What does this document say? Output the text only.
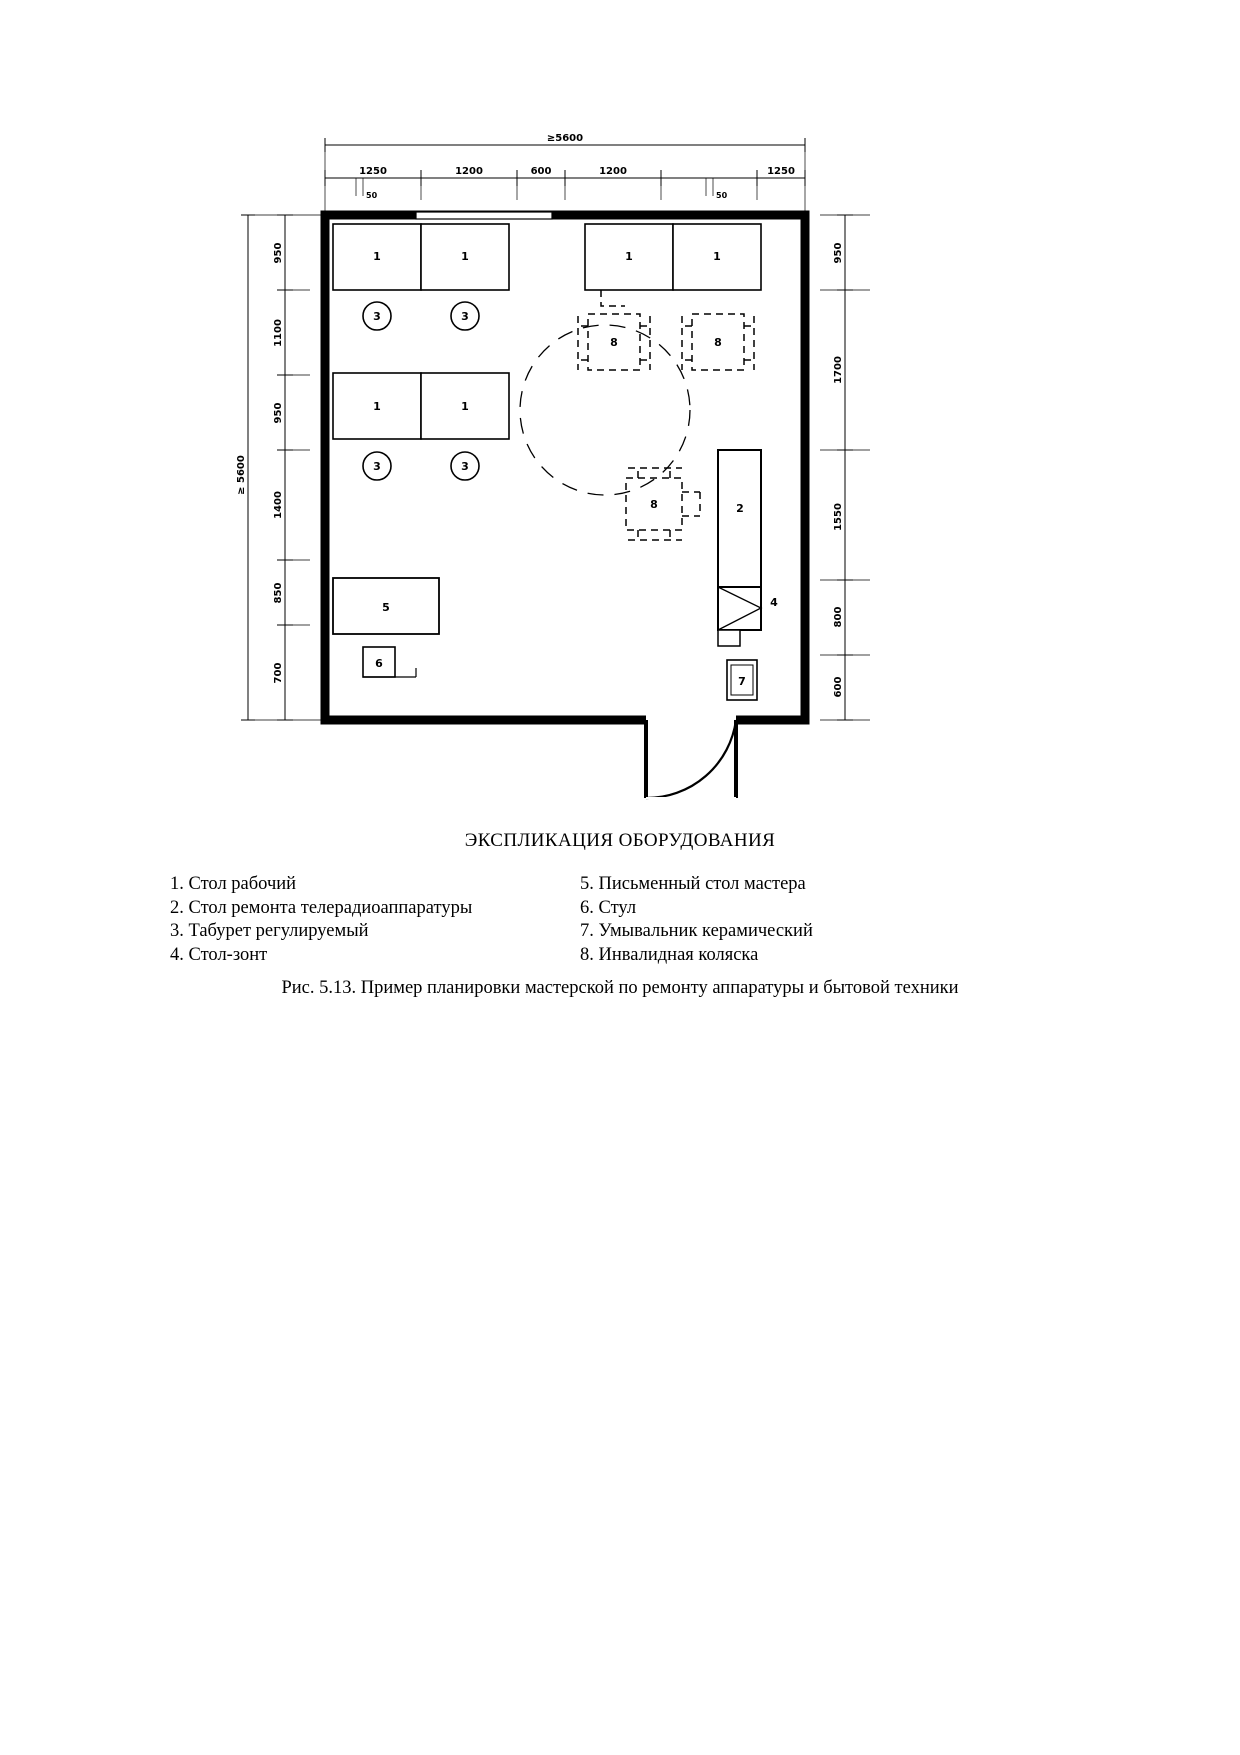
≥5600
1250	1200	600	1200	1250
50	50
≥ 5600
950
1100
950
1400
850
700
950
1700
1550
800
600
1	1	1	1
3	3
1	1
3	3
8	8
8	2
4
7
5
6
ЭКСПЛИКАЦИЯ ОБОРУДОВАНИЯ
1. Стол рабочий
2. Стол ремонта телерадиоаппаратуры
3. Табурет регулируемый
4. Стол-зонт
5. Письменный стол мастера
6. Стул
7. Умывальник керамический
8. Инвалидная коляска
Рис. 5.13. Пример планировки мастерской по ремонту аппаратуры и бытовой техники
